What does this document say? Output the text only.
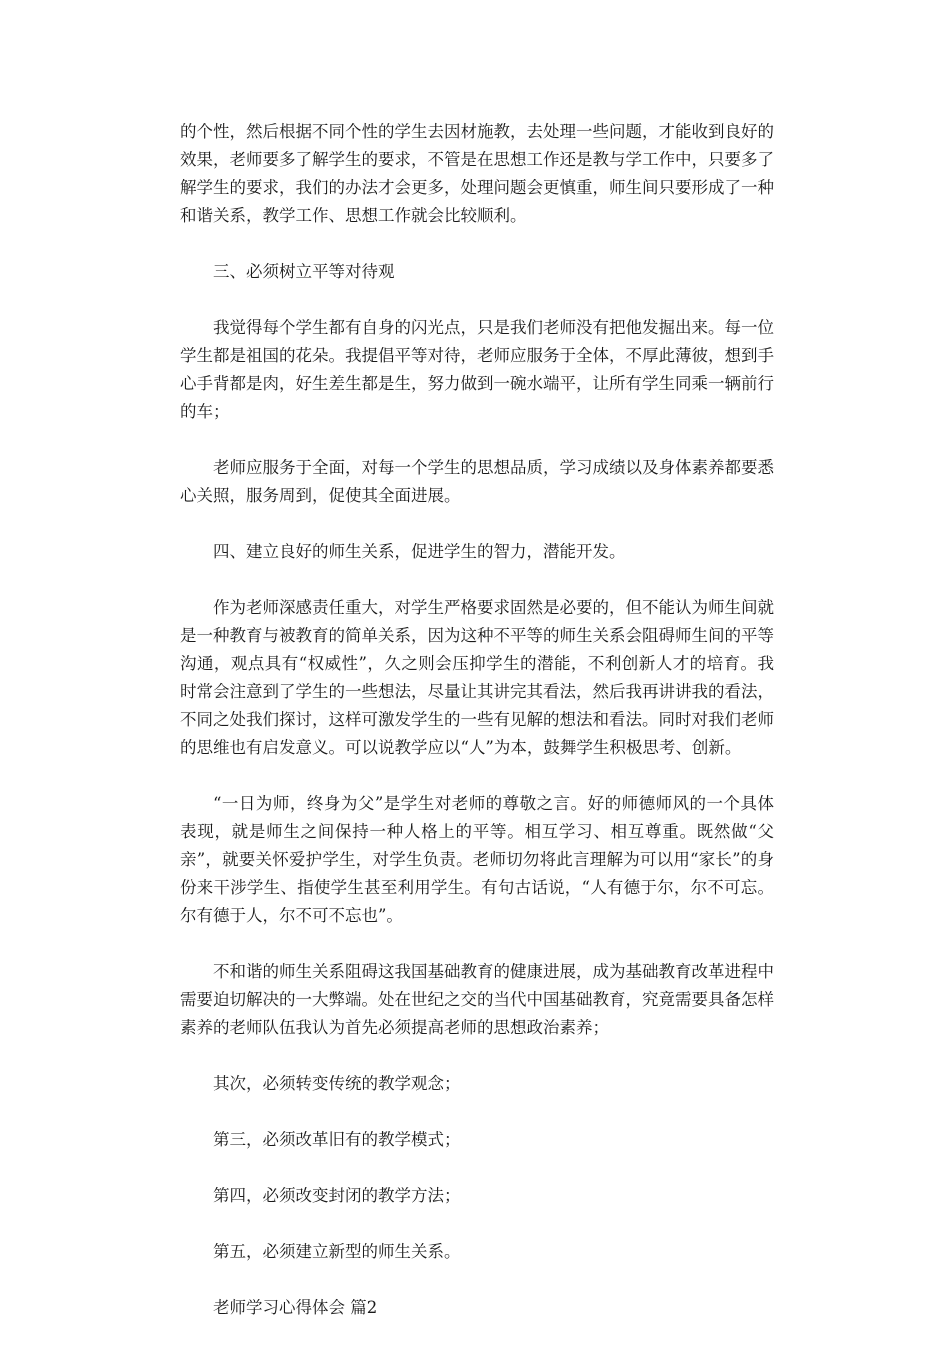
的个性，然后根据不同个性的学生去因材施教，去处理一些问题，才能收到良好的效果，老师要多了解学生的要求，不管是在思想工作还是教与学工作中，只要多了解学生的要求，我们的办法才会更多，处理问题会更慎重，师生间只要形成了一种和谐关系，教学工作、思想工作就会比较顺利。

三、必须树立平等对待观

我觉得每个学生都有自身的闪光点，只是我们老师没有把他发掘出来。每一位学生都是祖国的花朵。我提倡平等对待，老师应服务于全体，不厚此薄彼，想到手心手背都是肉，好生差生都是生，努力做到一碗水端平，让所有学生同乘一辆前行的车；

老师应服务于全面，对每一个学生的思想品质，学习成绩以及身体素养都要悉心关照，服务周到，促使其全面进展。

四、建立良好的师生关系，促进学生的智力，潜能开发。

作为老师深感责任重大，对学生严格要求固然是必要的，但不能认为师生间就是一种教育与被教育的简单关系，因为这种不平等的师生关系会阻碍师生间的平等沟通，观点具有“权威性”，久之则会压抑学生的潜能，不利创新人才的培育。我时常会注意到了学生的一些想法，尽量让其讲完其看法，然后我再讲讲我的看法，不同之处我们探讨，这样可激发学生的一些有见解的想法和看法。同时对我们老师的思维也有启发意义。可以说教学应以“人”为本，鼓舞学生积极思考、创新。

“一日为师，终身为父”是学生对老师的尊敬之言。好的师德师风的一个具体表现，就是师生之间保持一种人格上的平等。相互学习、相互尊重。既然做“父亲”，就要关怀爱护学生，对学生负责。老师切勿将此言理解为可以用“家长”的身份来干涉学生、指使学生甚至利用学生。有句古话说，“人有德于尔，尔不可忘。尔有德于人，尔不可不忘也”。

不和谐的师生关系阻碍这我国基础教育的健康进展，成为基础教育改革进程中需要迫切解决的一大弊端。处在世纪之交的当代中国基础教育，究竟需要具备怎样素养的老师队伍我认为首先必须提高老师的思想政治素养；

其次，必须转变传统的教学观念；

第三，必须改革旧有的教学模式；

第四，必须改变封闭的教学方法；

第五，必须建立新型的师生关系。

老师学习心得体会 篇2
